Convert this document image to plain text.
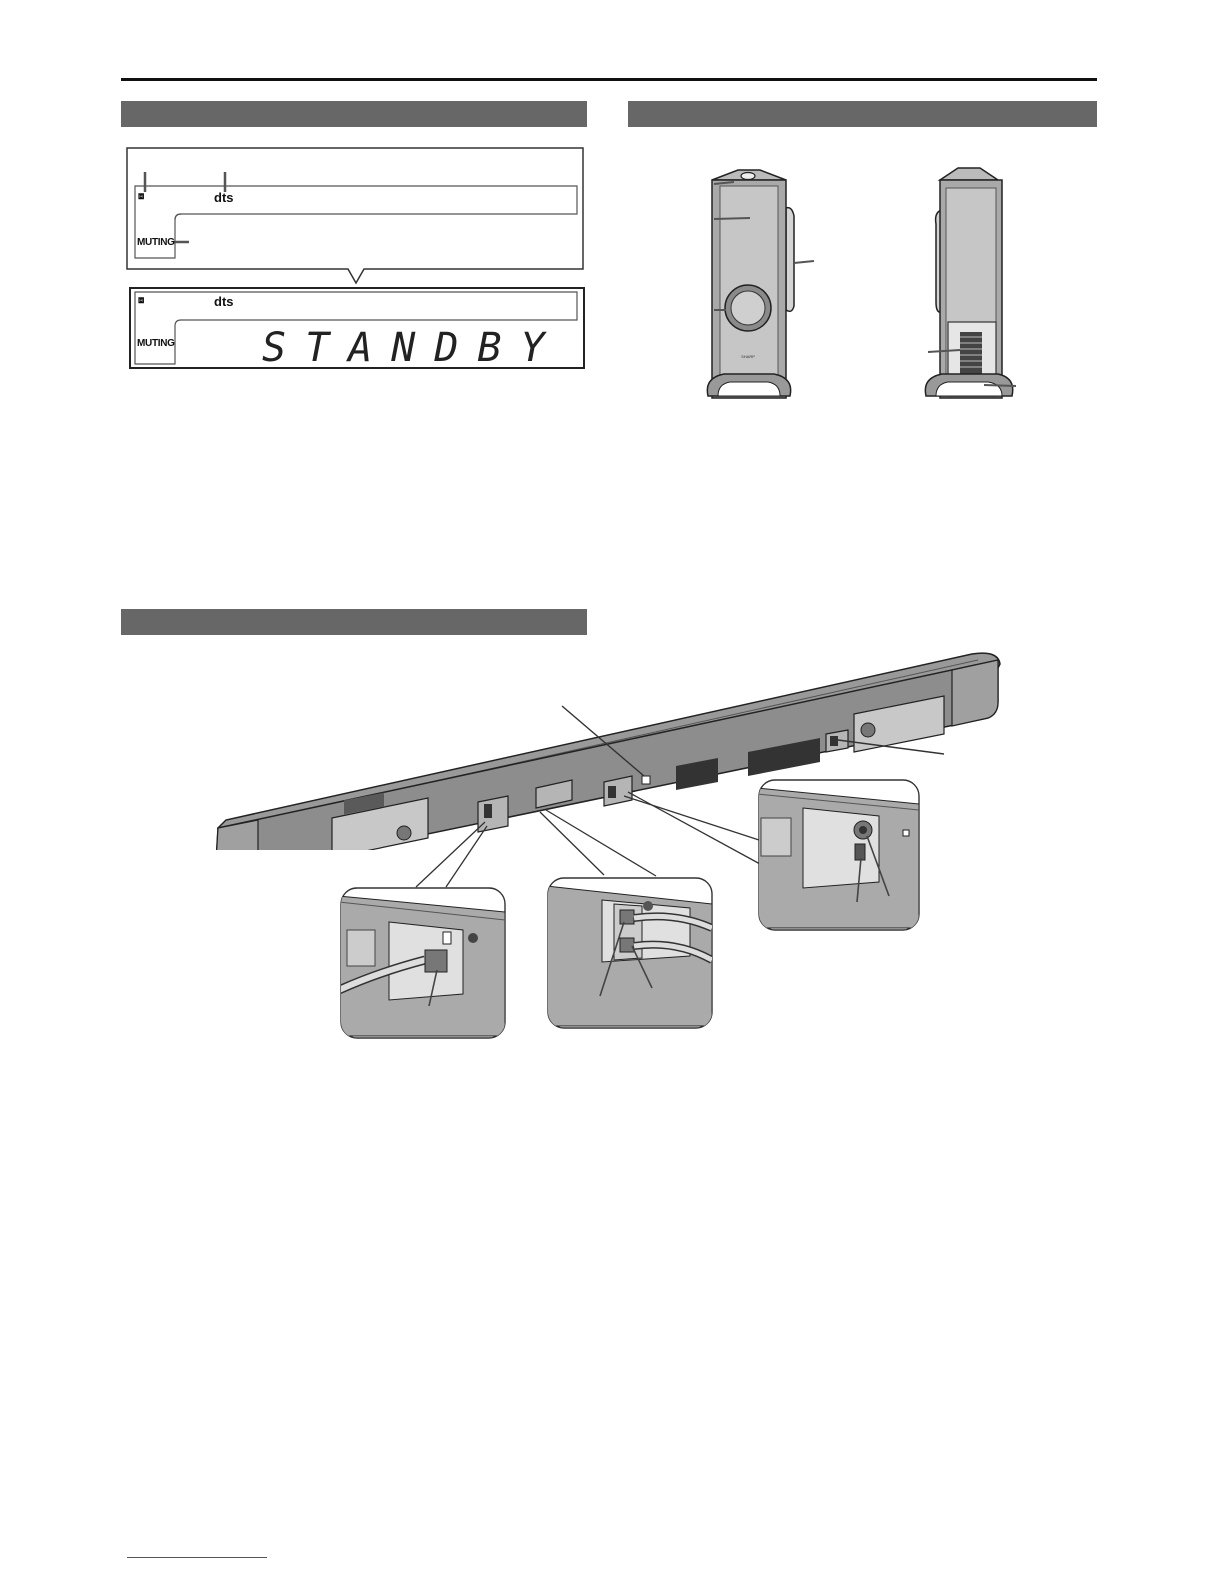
⧈	dts
MUTING
⧈	dts
MUTING STANDBY	SHARP
